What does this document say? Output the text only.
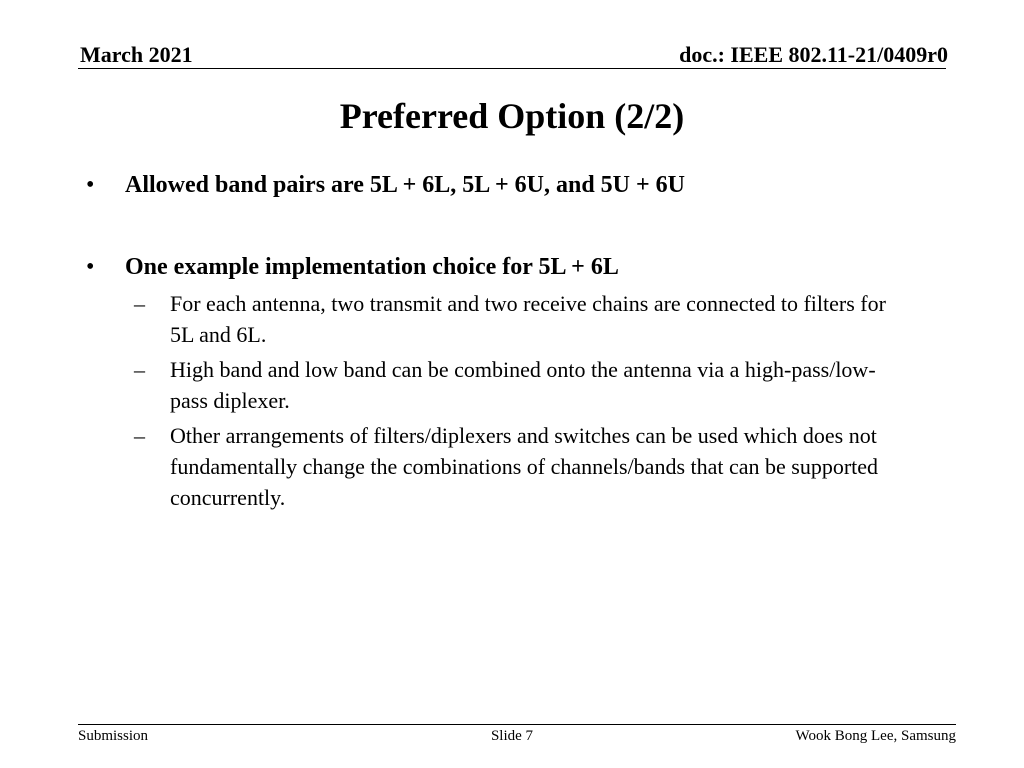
March 2021	doc.: IEEE 802.11-21/0409r0
Preferred Option (2/2)
•	Allowed band pairs are 5L + 6L, 5L + 6U, and 5U + 6U
•	One example implementation choice for 5L + 6L
–	For each antenna, two transmit and two receive chains are connected to filters for 5L and 6L.
–	High band and low band can be combined onto the antenna via a high-pass/low-pass diplexer.
–	Other arrangements of filters/diplexers and switches can be used which does not fundamentally change the combinations of channels/bands that can be supported concurrently.
Submission	Slide 7	Wook Bong Lee, Samsung
